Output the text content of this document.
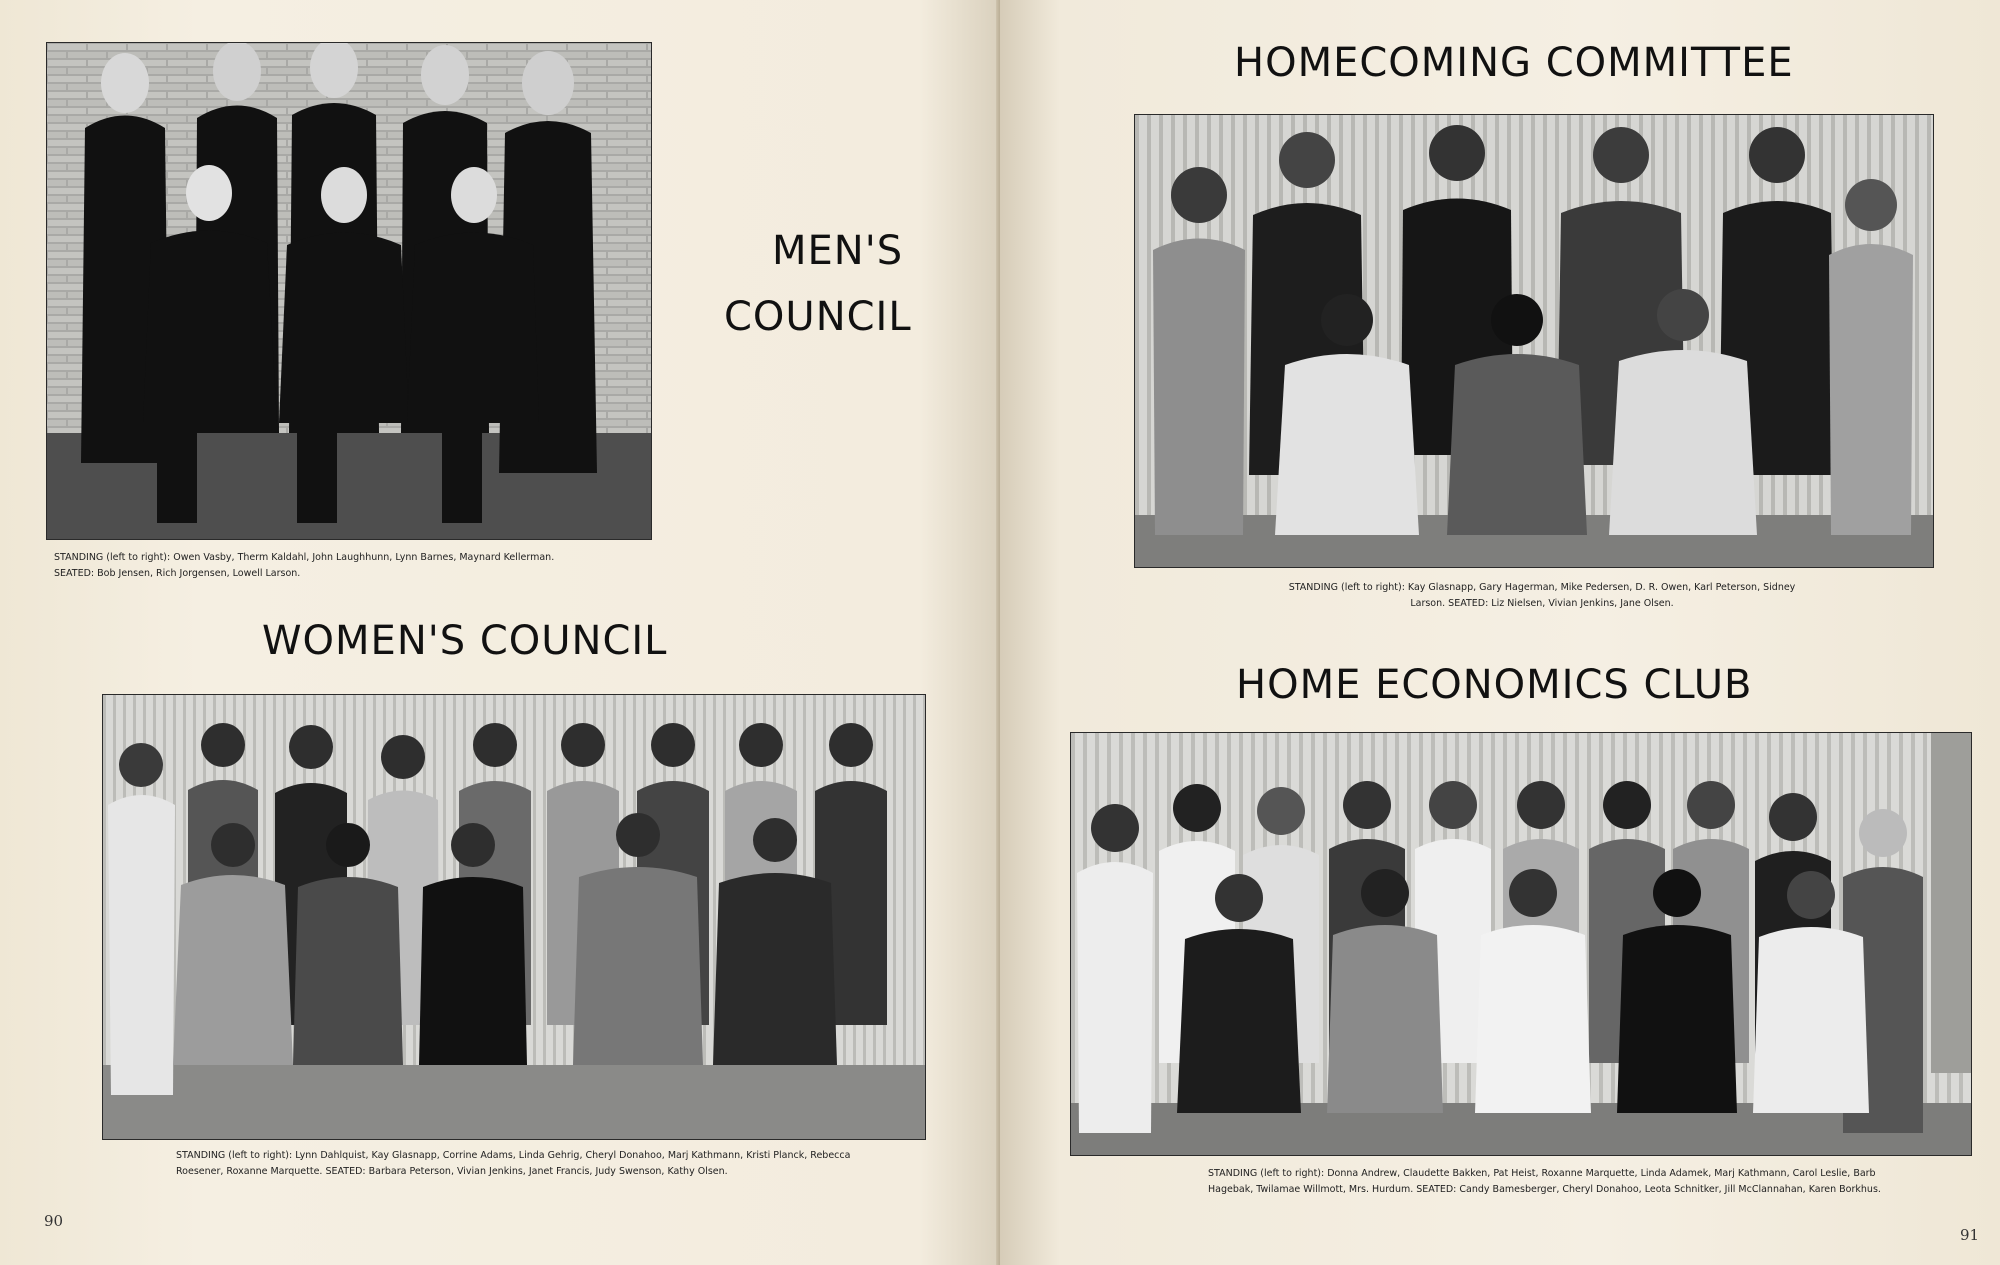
MEN'S
COUNCIL

STANDING (left to right): Owen Vasby, Therm Kaldahl, John Laughhunn, Lynn Barnes, Maynard Kellerman. SEATED: Bob Jensen, Rich Jorgensen, Lowell Larson.

WOMEN'S COUNCIL

STANDING (left to right): Lynn Dahlquist, Kay Glasnapp, Corrine Adams, Linda Gehrig, Cheryl Donahoo, Marj Kathmann, Kristi Planck, Rebecca Roesener, Roxanne Marquette. SEATED: Barbara Peterson, Vivian Jenkins, Janet Francis, Judy Swenson, Kathy Olsen.

90

HOMECOMING COMMITTEE

STANDING (left to right): Kay Glasnapp, Gary Hagerman, Mike Pedersen, D. R. Owen, Karl Peterson, Sidney Larson. SEATED: Liz Nielsen, Vivian Jenkins, Jane Olsen.

HOME ECONOMICS CLUB

STANDING (left to right): Donna Andrew, Claudette Bakken, Pat Heist, Roxanne Marquette, Linda Adamek, Marj Kathmann, Carol Leslie, Barb Hagebak, Twilamae Willmott, Mrs. Hurdum. SEATED: Candy Bamesberger, Cheryl Donahoo, Leota Schnitker, Jill McClannahan, Karen Borkhus.

91
